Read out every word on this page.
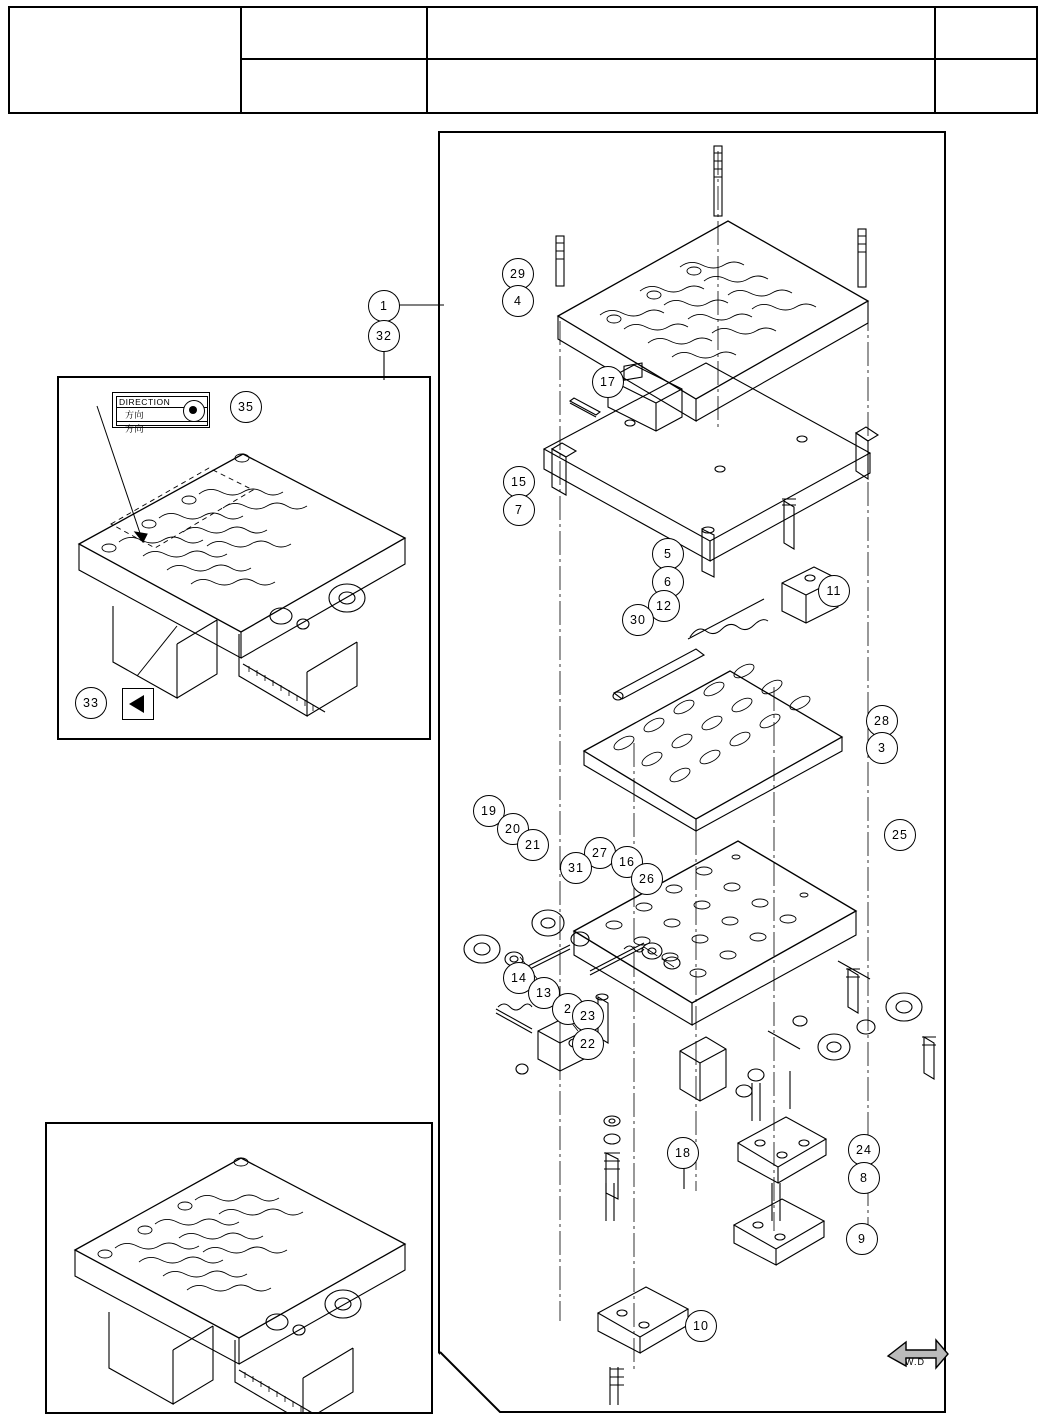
DIRECTION
方向
方向
1
32
35
33
29
4
17
15
7
5
6
12
30
11
28
3
19
20
21
27
31	16
26
25
14
13
2 23
22
18	24
8
9
10
W.D
